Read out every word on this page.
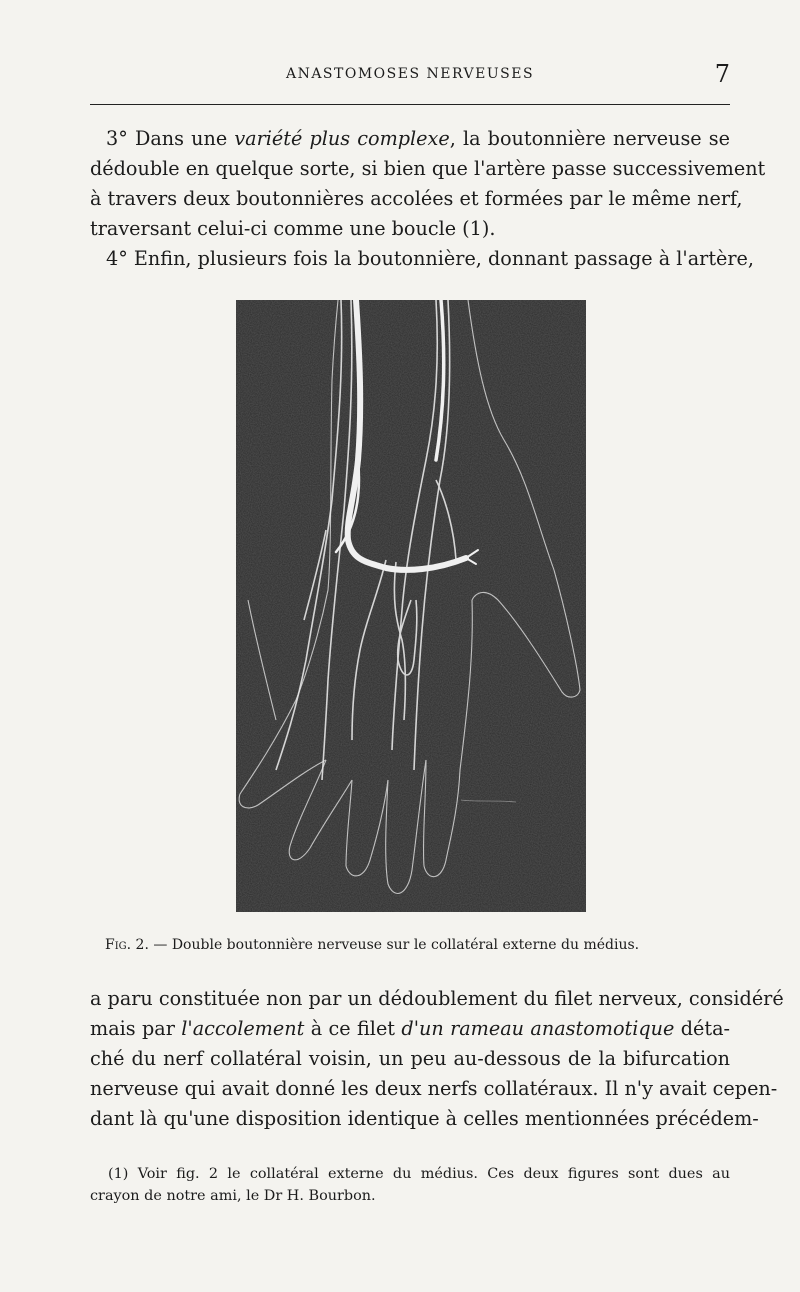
ANASTOMOSES NERVEUSES	7

3° Dans une variété plus complexe, la boutonnière nerveuse se
dédouble en quelque sorte, si bien que l'artère passe successivement
à travers deux boutonnières accolées et formées par le même nerf,
traversant celui-ci comme une boucle (1).

4° Enfin, plusieurs fois la boutonnière, donnant passage à l'artère,

Fig. 2. — Double boutonnière nerveuse sur le collatéral externe du médius.

a paru constituée non par un dédoublement du filet nerveux, considéré
mais par l'accolement à ce filet d'un rameau anastomotique déta-
ché du nerf collatéral voisin, un peu au-dessous de la bifurcation
nerveuse qui avait donné les deux nerfs collatéraux. Il n'y avait cepen-
dant là qu'une disposition identique à celles mentionnées précédem-

(1) Voir fig. 2 le collatéral externe du médius. Ces deux figures sont dues au
crayon de notre ami, le Dr H. Bourbon.
